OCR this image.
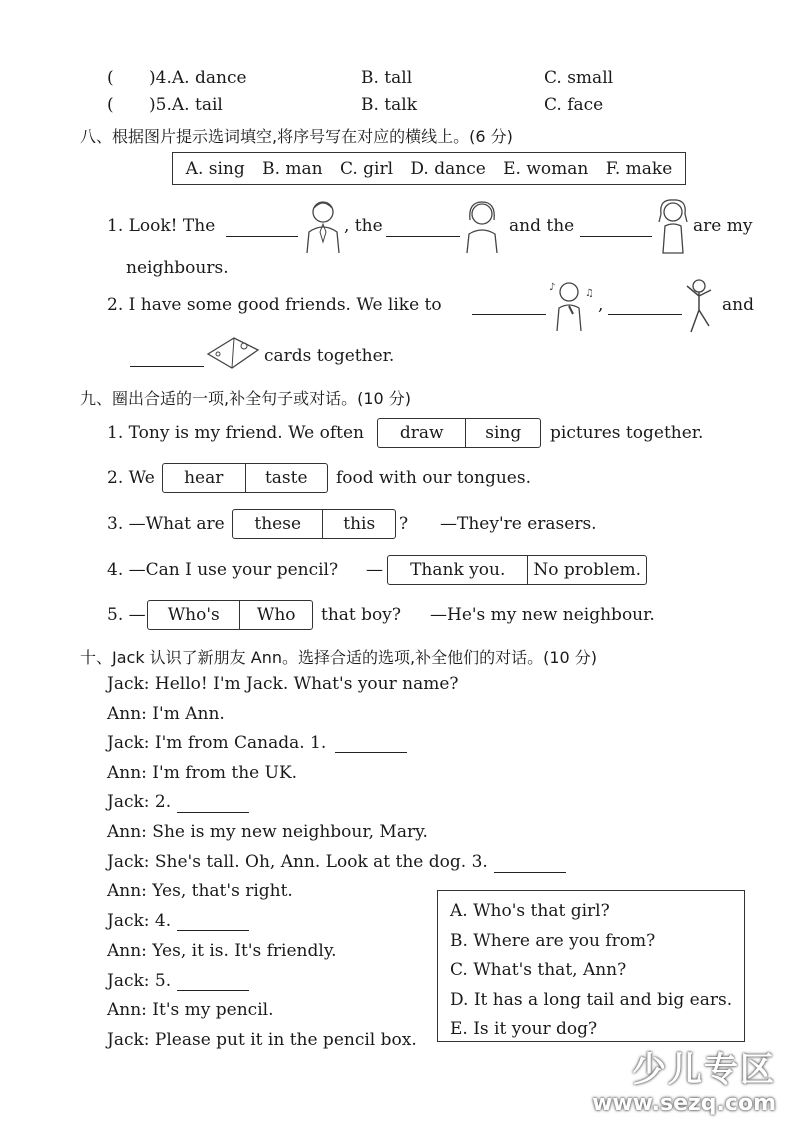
( )4.A. dance	B. tall	C. small
( )5.A. tail	B. talk	C. face
八、根据图片提示选词填空,将序号写在对应的横线上。(6 分)
A. sing B. man C. girl D. dance E. woman F. make
1. Look! The	, the	and the	are my
neighbours.
2. I have some good friends. We like to
♪
♫
,	and
cards together.
九、圈出合适的一项,补全句子或对话。(10 分)
1. Tony is my friend. We often	draw	sing	pictures together.
2. We	hear	taste	food with our tongues.
3. —What are	these	this	? —They're erasers.
4. —Can I use your pencil? —	Thank you.	No problem.
5. —	Who's	Who	that boy? —He's my new neighbour.
十、Jack 认识了新朋友 Ann。选择合适的选项,补全他们的对话。(10 分)
Jack: Hello! I'm Jack. What's your name?
Ann: I'm Ann.
Jack: I'm from Canada. 1.
Ann: I'm from the UK.
Jack: 2.
Ann: She is my new neighbour, Mary.
Jack: She's tall. Oh, Ann. Look at the dog. 3.
Ann: Yes, that's right.
Jack: 4.
Ann: Yes, it is. It's friendly.
Jack: 5.
Ann: It's my pencil.
Jack: Please put it in the pencil box.
A. Who's that girl?
B. Where are you from?
C. What's that, Ann?
D. It has a long tail and big ears.
E. Is it your dog?
少儿专区
www.sezq.com
